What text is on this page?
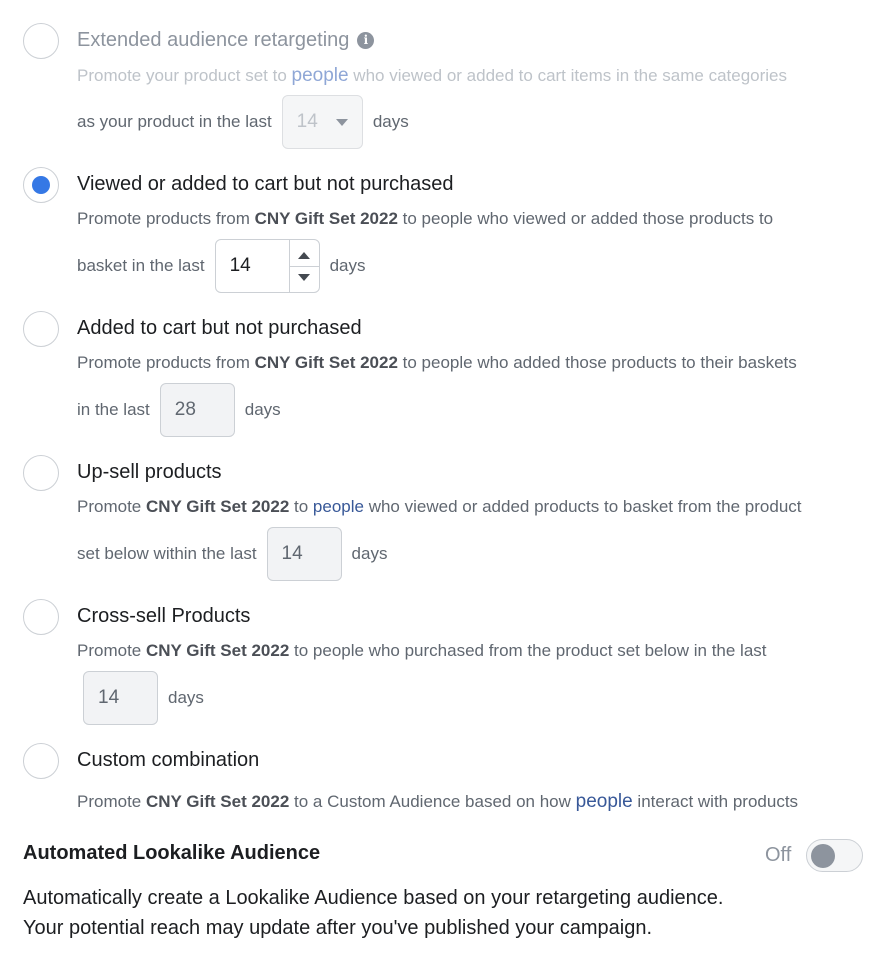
Extended audience retargeting i
Promote your product set to people who viewed or added to cart items in the same categories
as your product in the last 14	days
Viewed or added to cart but not purchased
Promote products from CNY Gift Set 2022 to people who viewed or added those products to
basket in the last 14	days
Added to cart but not purchased
Promote products from CNY Gift Set 2022 to people who added those products to their baskets
in the last	28	days
Up-sell products
Promote CNY Gift Set 2022 to people who viewed or added products to basket from the product
set below within the last	14	days
Cross-sell Products
Promote CNY Gift Set 2022 to people who purchased from the product set below in the last
14	days
Custom combination
Promote CNY Gift Set 2022 to a Custom Audience based on how people interact with products
Automated Lookalike Audience	Off
Automatically create a Lookalike Audience based on your retargeting audience.
Your potential reach may update after you've published your campaign.
